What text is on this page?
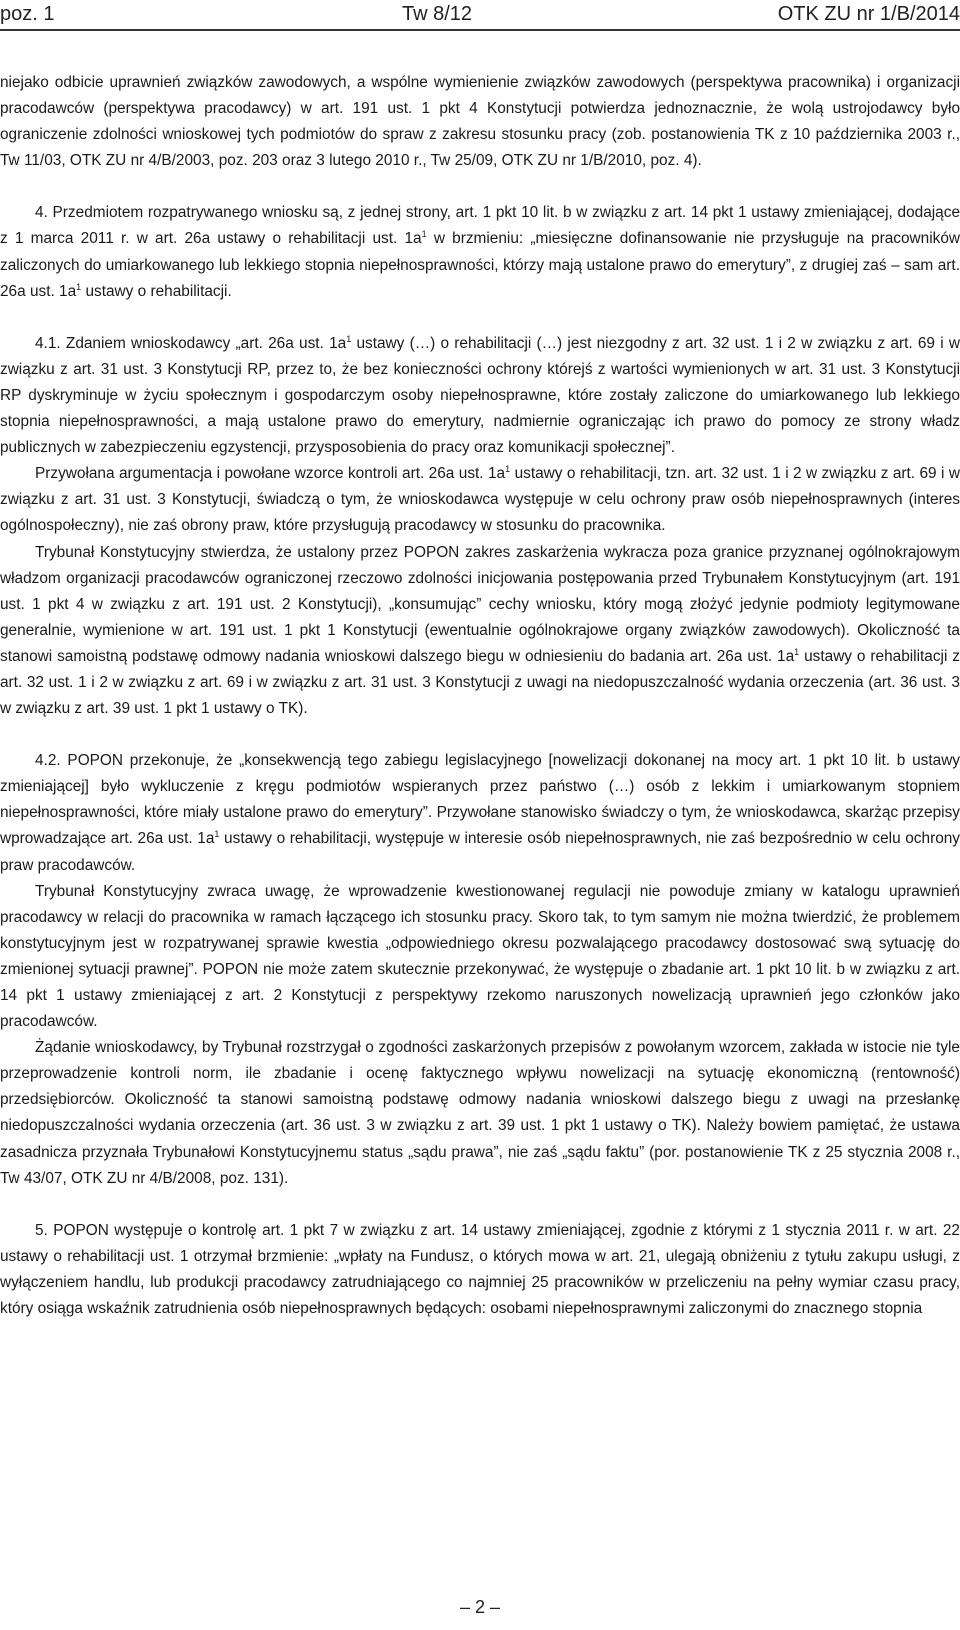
poz. 1	Tw 8/12	OTK ZU nr 1/B/2014

niejako odbicie uprawnień związków zawodowych, a wspólne wymienienie związków zawodowych (perspektywa pracownika) i organizacji pracodawców (perspektywa pracodawcy) w art. 191 ust. 1 pkt 4 Konstytucji potwierdza jednoznacznie, że wolą ustrojodawcy było ograniczenie zdolności wnioskowej tych podmiotów do spraw z zakresu stosunku pracy (zob. postanowienia TK z 10 października 2003 r., Tw 11/03, OTK ZU nr 4/B/2003, poz. 203 oraz 3 lutego 2010 r., Tw 25/09, OTK ZU nr 1/B/2010, poz. 4).

4. Przedmiotem rozpatrywanego wniosku są, z jednej strony, art. 1 pkt 10 lit. b w związku z art. 14 pkt 1 ustawy zmieniającej, dodające z 1 marca 2011 r. w art. 26a ustawy o rehabilitacji ust. $1a^1$ w brzmieniu: „miesięczne dofinansowanie nie przysługuje na pracowników zaliczonych do umiarkowanego lub lekkiego stopnia niepełnosprawności, którzy mają ustalone prawo do emerytury”, z drugiej zaś – sam art. 26a ust. $1a^1$ ustawy o rehabilitacji.

4.1. Zdaniem wnioskodawcy „art. 26a ust. $1a^1$ ustawy (…) o rehabilitacji (…) jest niezgodny z art. 32 ust. 1 i 2 w związku z art. 69 i w związku z art. 31 ust. 3 Konstytucji RP, przez to, że bez konieczności ochrony którejś z wartości wymienionych w art. 31 ust. 3 Konstytucji RP dyskryminuje w życiu społecznym i gospodarczym osoby niepełnosprawne, które zostały zaliczone do umiarkowanego lub lekkiego stopnia niepełnosprawności, a mają ustalone prawo do emerytury, nadmiernie ograniczając ich prawo do pomocy ze strony władz publicznych w zabezpieczeniu egzystencji, przysposobienia do pracy oraz komunikacji społecznej”.

Przywołana argumentacja i powołane wzorce kontroli art. 26a ust. $1a^1$ ustawy o rehabilitacji, tzn. art. 32 ust. 1 i 2 w związku z art. 69 i w związku z art. 31 ust. 3 Konstytucji, świadczą o tym, że wnioskodawca występuje w celu ochrony praw osób niepełnosprawnych (interes ogólnospołeczny), nie zaś obrony praw, które przysługują pracodawcy w stosunku do pracownika.

Trybunał Konstytucyjny stwierdza, że ustalony przez POPON zakres zaskarżenia wykracza poza granice przyznanej ogólnokrajowym władzom organizacji pracodawców ograniczonej rzeczowo zdolności inicjowania postępowania przed Trybunałem Konstytucyjnym (art. 191 ust. 1 pkt 4 w związku z art. 191 ust. 2 Konstytucji), „konsumując” cechy wniosku, który mogą złożyć jedynie podmioty legitymowane generalnie, wymienione w art. 191 ust. 1 pkt 1 Konstytucji (ewentualnie ogólnokrajowe organy związków zawodowych). Okoliczność ta stanowi samoistną podstawę odmowy nadania wnioskowi dalszego biegu w odniesieniu do badania art. 26a ust. $1a^1$ ustawy o rehabilitacji z art. 32 ust. 1 i 2 w związku z art. 69 i w związku z art. 31 ust. 3 Konstytucji z uwagi na niedopuszczalność wydania orzeczenia (art. 36 ust. 3 w związku z art. 39 ust. 1 pkt 1 ustawy o TK).

4.2. POPON przekonuje, że „konsekwencją tego zabiegu legislacyjnego [nowelizacji dokonanej na mocy art. 1 pkt 10 lit. b ustawy zmieniającej] było wykluczenie z kręgu podmiotów wspieranych przez państwo (…) osób z lekkim i umiarkowanym stopniem niepełnosprawności, które miały ustalone prawo do emerytury”. Przywołane stanowisko świadczy o tym, że wnioskodawca, skarżąc przepisy wprowadzające art. 26a ust. $1a^1$ ustawy o rehabilitacji, występuje w interesie osób niepełnosprawnych, nie zaś bezpośrednio w celu ochrony praw pracodawców.

Trybunał Konstytucyjny zwraca uwagę, że wprowadzenie kwestionowanej regulacji nie powoduje zmiany w katalogu uprawnień pracodawcy w relacji do pracownika w ramach łączącego ich stosunku pracy. Skoro tak, to tym samym nie można twierdzić, że problemem konstytucyjnym jest w rozpatrywanej sprawie kwestia „odpowiedniego okresu pozwalającego pracodawcy dostosować swą sytuację do zmienionej sytuacji prawnej”. POPON nie może zatem skutecznie przekonywać, że występuje o zbadanie art. 1 pkt 10 lit. b w związku z art. 14 pkt 1 ustawy zmieniającej z art. 2 Konstytucji z perspektywy rzekomo naruszonych nowelizacją uprawnień jego członków jako pracodawców.

Żądanie wnioskodawcy, by Trybunał rozstrzygał o zgodności zaskarżonych przepisów z powołanym wzorcem, zakłada w istocie nie tyle przeprowadzenie kontroli norm, ile zbadanie i ocenę faktycznego wpływu nowelizacji na sytuację ekonomiczną (rentowność) przedsiębiorców. Okoliczność ta stanowi samoistną podstawę odmowy nadania wnioskowi dalszego biegu z uwagi na przesłankę niedopuszczalności wydania orzeczenia (art. 36 ust. 3 w związku z art. 39 ust. 1 pkt 1 ustawy o TK). Należy bowiem pamiętać, że ustawa zasadnicza przyznała Trybunałowi Konstytucyjnemu status „sądu prawa”, nie zaś „sądu faktu” (por. postanowienie TK z 25 stycznia 2008 r., Tw 43/07, OTK ZU nr 4/B/2008, poz. 131).

5. POPON występuje o kontrolę art. 1 pkt 7 w związku z art. 14 ustawy zmieniającej, zgodnie z którymi z 1 stycznia 2011 r. w art. 22 ustawy o rehabilitacji ust. 1 otrzymał brzmienie: „wpłaty na Fundusz, o których mowa w art. 21, ulegają obniżeniu z tytułu zakupu usługi, z wyłączeniem handlu, lub produkcji pracodawcy zatrudniającego co najmniej 25 pracowników w przeliczeniu na pełny wymiar czasu pracy, który osiąga wskaźnik zatrudnienia osób niepełnosprawnych będących: osobami niepełnosprawnymi zaliczonymi do znacznego stopnia

– 2 –
